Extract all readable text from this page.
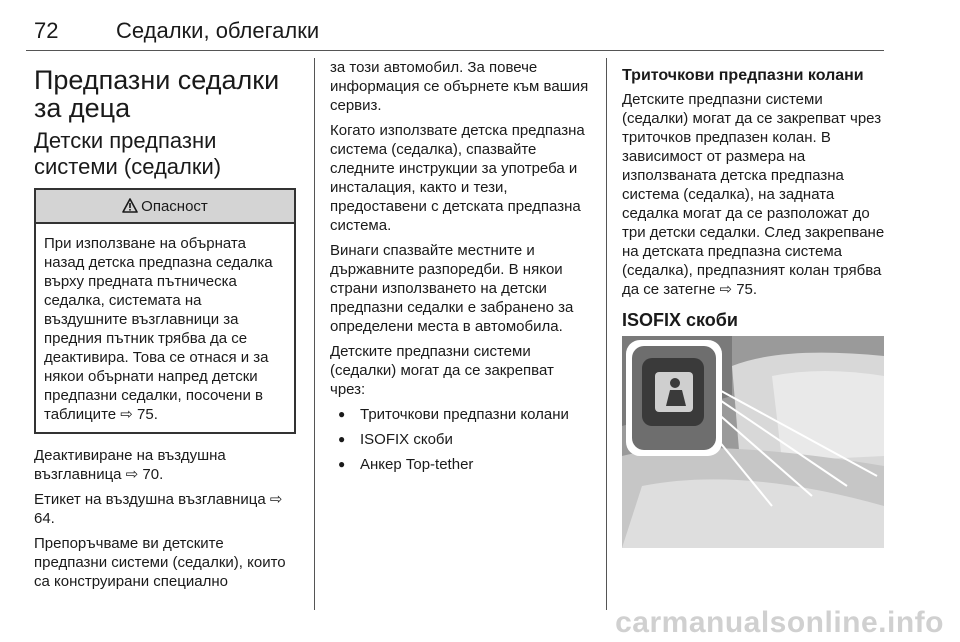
72	Седалки, облегалки
Предпазни седалки за деца
Детски предпазни системи (седалки)
Опасност

При използване на обърната назад детска предпазна седалка върху предната пътническа седалка, системата на въздушните възглавници за предния пътник трябва да се деактивира. Това се отнася и за някои обърнати напред детски предпазни седалки, посочени в таблиците ⇨ 75.

Деактивиране на въздушна възглавница ⇨ 70.

Етикет на въздушна възглавница ⇨ 64.

Препоръчваме ви детските предпазни системи (седалки), които са конструирани специално

за този автомобил. За повече информация се обърнете към вашия сервиз.

Когато използвате детска предпазна система (седалка), спазвайте следните инструкции за употреба и инсталация, както и тези, предоставени с детската предпазна система.

Винаги спазвайте местните и държавните разпоредби. В някои страни използването на детски предпазни седалки е забранено за определени места в автомобила.

Детските предпазни системи (седалки) могат да се закрепват чрез:

● Триточкови предпазни колани
● ISOFIX скоби
● Анкер Top-tether
Триточкови предпазни колани

Детските предпазни системи (седалки) могат да се закрепват чрез триточков предпазен колан. В зависимост от размера на използваната детска предпазна система (седалка), на задната седалка могат да се разположат до три детски седалки. След закрепване на детската предпазна система (седалка), предпазният колан трябва да се затегне ⇨ 75.

ISOFIX скоби
carmanualsonline.info
